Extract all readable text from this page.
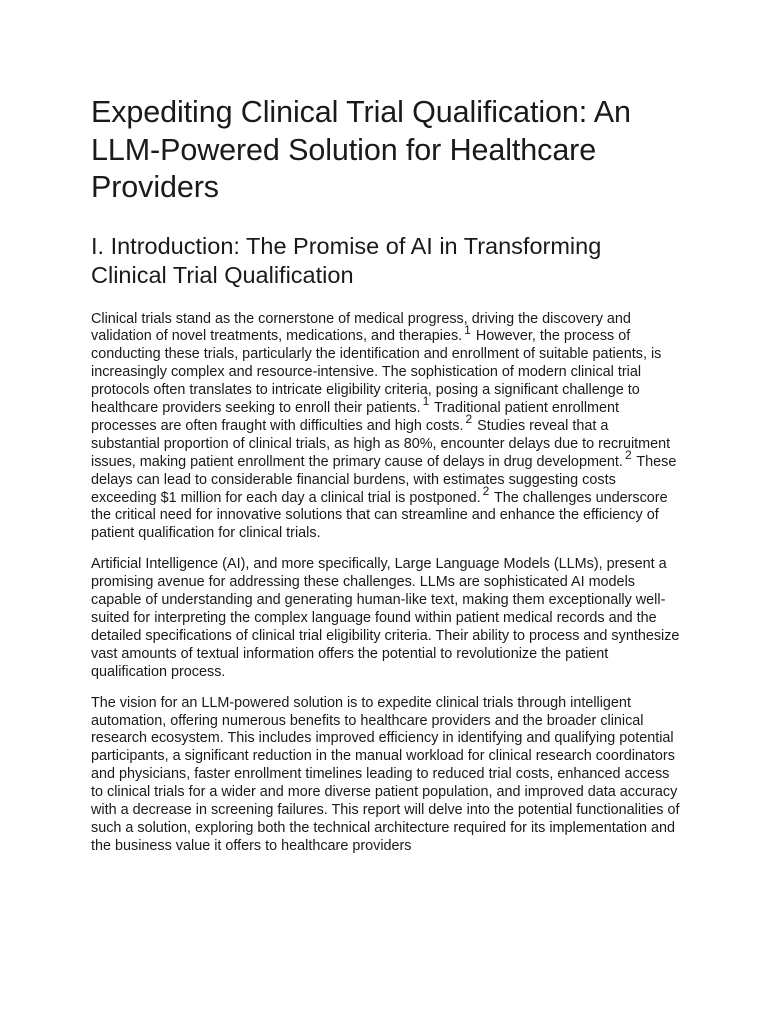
Expediting Clinical Trial Qualification: An LLM-Powered Solution for Healthcare Providers
I. Introduction: The Promise of AI in Transforming Clinical Trial Qualification

Clinical trials stand as the cornerstone of medical progress, driving the discovery and validation of novel treatments, medications, and therapies. $^1$ However, the process of conducting these trials, particularly the identification and enrollment of suitable patients, is increasingly complex and resource-intensive. The sophistication of modern clinical trial protocols often translates to intricate eligibility criteria, posing a significant challenge to healthcare providers seeking to enroll their patients. $^1$ Traditional patient enrollment processes are often fraught with difficulties and high costs. $^2$ Studies reveal that a substantial proportion of clinical trials, as high as 80%, encounter delays due to recruitment issues, making patient enrollment the primary cause of delays in drug development. $^2$ These delays can lead to considerable financial burdens, with estimates suggesting costs exceeding $1 million for each day a clinical trial is postponed. $^2$ The challenges underscore the critical need for innovative solutions that can streamline and enhance the efficiency of patient qualification for clinical trials.

Artificial Intelligence (AI), and more specifically, Large Language Models (LLMs), present a promising avenue for addressing these challenges. LLMs are sophisticated AI models capable of understanding and generating human-like text, making them exceptionally well-suited for interpreting the complex language found within patient medical records and the detailed specifications of clinical trial eligibility criteria. Their ability to process and synthesize vast amounts of textual information offers the potential to revolutionize the patient qualification process.

The vision for an LLM-powered solution is to expedite clinical trials through intelligent automation, offering numerous benefits to healthcare providers and the broader clinical research ecosystem. This includes improved efficiency in identifying and qualifying potential participants, a significant reduction in the manual workload for clinical research coordinators and physicians, faster enrollment timelines leading to reduced trial costs, enhanced access to clinical trials for a wider and more diverse patient population, and improved data accuracy with a decrease in screening failures. This report will delve into the potential functionalities of such a solution, exploring both the technical architecture required for its implementation and the business value it offers to healthcare providers
